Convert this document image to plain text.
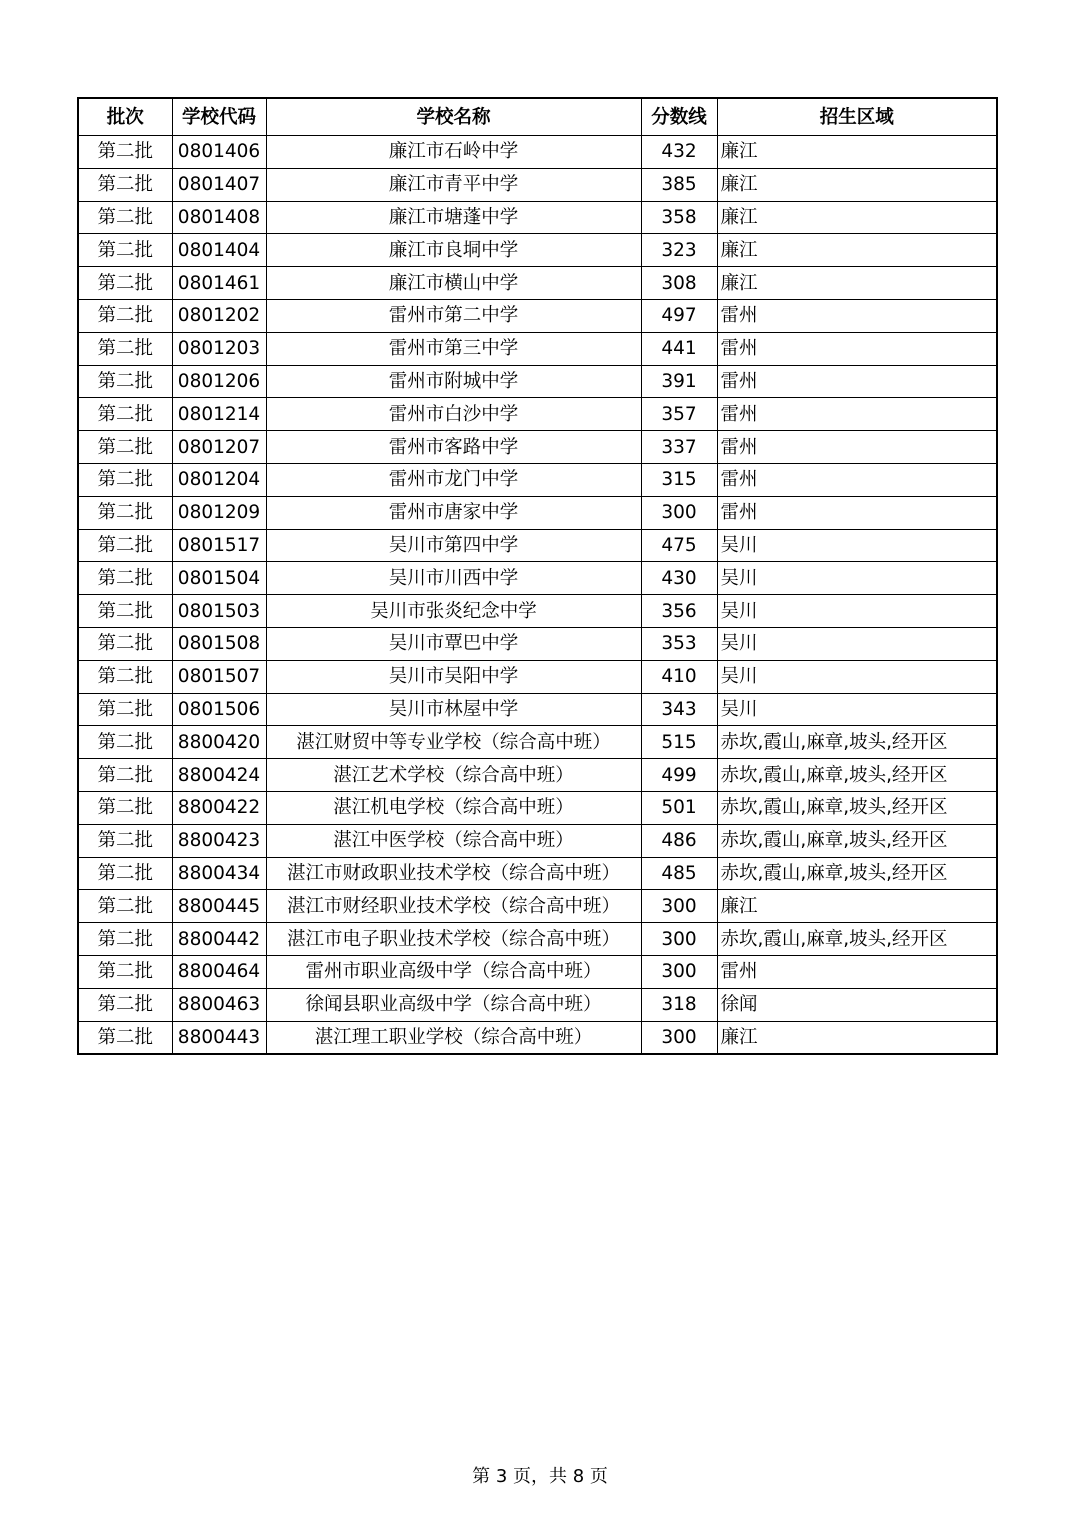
批次	学校代码	学校名称	分数线	招生区域
第二批	0801406	廉江市石岭中学	432	廉江
第二批	0801407	廉江市青平中学	385	廉江
第二批	0801408	廉江市塘蓬中学	358	廉江
第二批	0801404	廉江市良垌中学	323	廉江
第二批	0801461	廉江市横山中学	308	廉江
第二批	0801202	雷州市第二中学	497	雷州
第二批	0801203	雷州市第三中学	441	雷州
第二批	0801206	雷州市附城中学	391	雷州
第二批	0801214	雷州市白沙中学	357	雷州
第二批	0801207	雷州市客路中学	337	雷州
第二批	0801204	雷州市龙门中学	315	雷州
第二批	0801209	雷州市唐家中学	300	雷州
第二批	0801517	吴川市第四中学	475	吴川
第二批	0801504	吴川市川西中学	430	吴川
第二批	0801503	吴川市张炎纪念中学	356	吴川
第二批	0801508	吴川市覃巴中学	353	吴川
第二批	0801507	吴川市吴阳中学	410	吴川
第二批	0801506	吴川市林屋中学	343	吴川
第二批	8800420	湛江财贸中等专业学校（综合高中班）	515	赤坎,霞山,麻章,坡头,经开区
第二批	8800424	湛江艺术学校（综合高中班）	499	赤坎,霞山,麻章,坡头,经开区
第二批	8800422	湛江机电学校（综合高中班）	501	赤坎,霞山,麻章,坡头,经开区
第二批	8800423	湛江中医学校（综合高中班）	486	赤坎,霞山,麻章,坡头,经开区
第二批	8800434	湛江市财政职业技术学校（综合高中班）	485	赤坎,霞山,麻章,坡头,经开区
第二批	8800445	湛江市财经职业技术学校（综合高中班）	300	廉江
第二批	8800442	湛江市电子职业技术学校（综合高中班）	300	赤坎,霞山,麻章,坡头,经开区
第二批	8800464	雷州市职业高级中学（综合高中班）	300	雷州
第二批	8800463	徐闻县职业高级中学（综合高中班）	318	徐闻
第二批	8800443	湛江理工职业学校（综合高中班）	300	廉江
第 3 页，共 8 页
